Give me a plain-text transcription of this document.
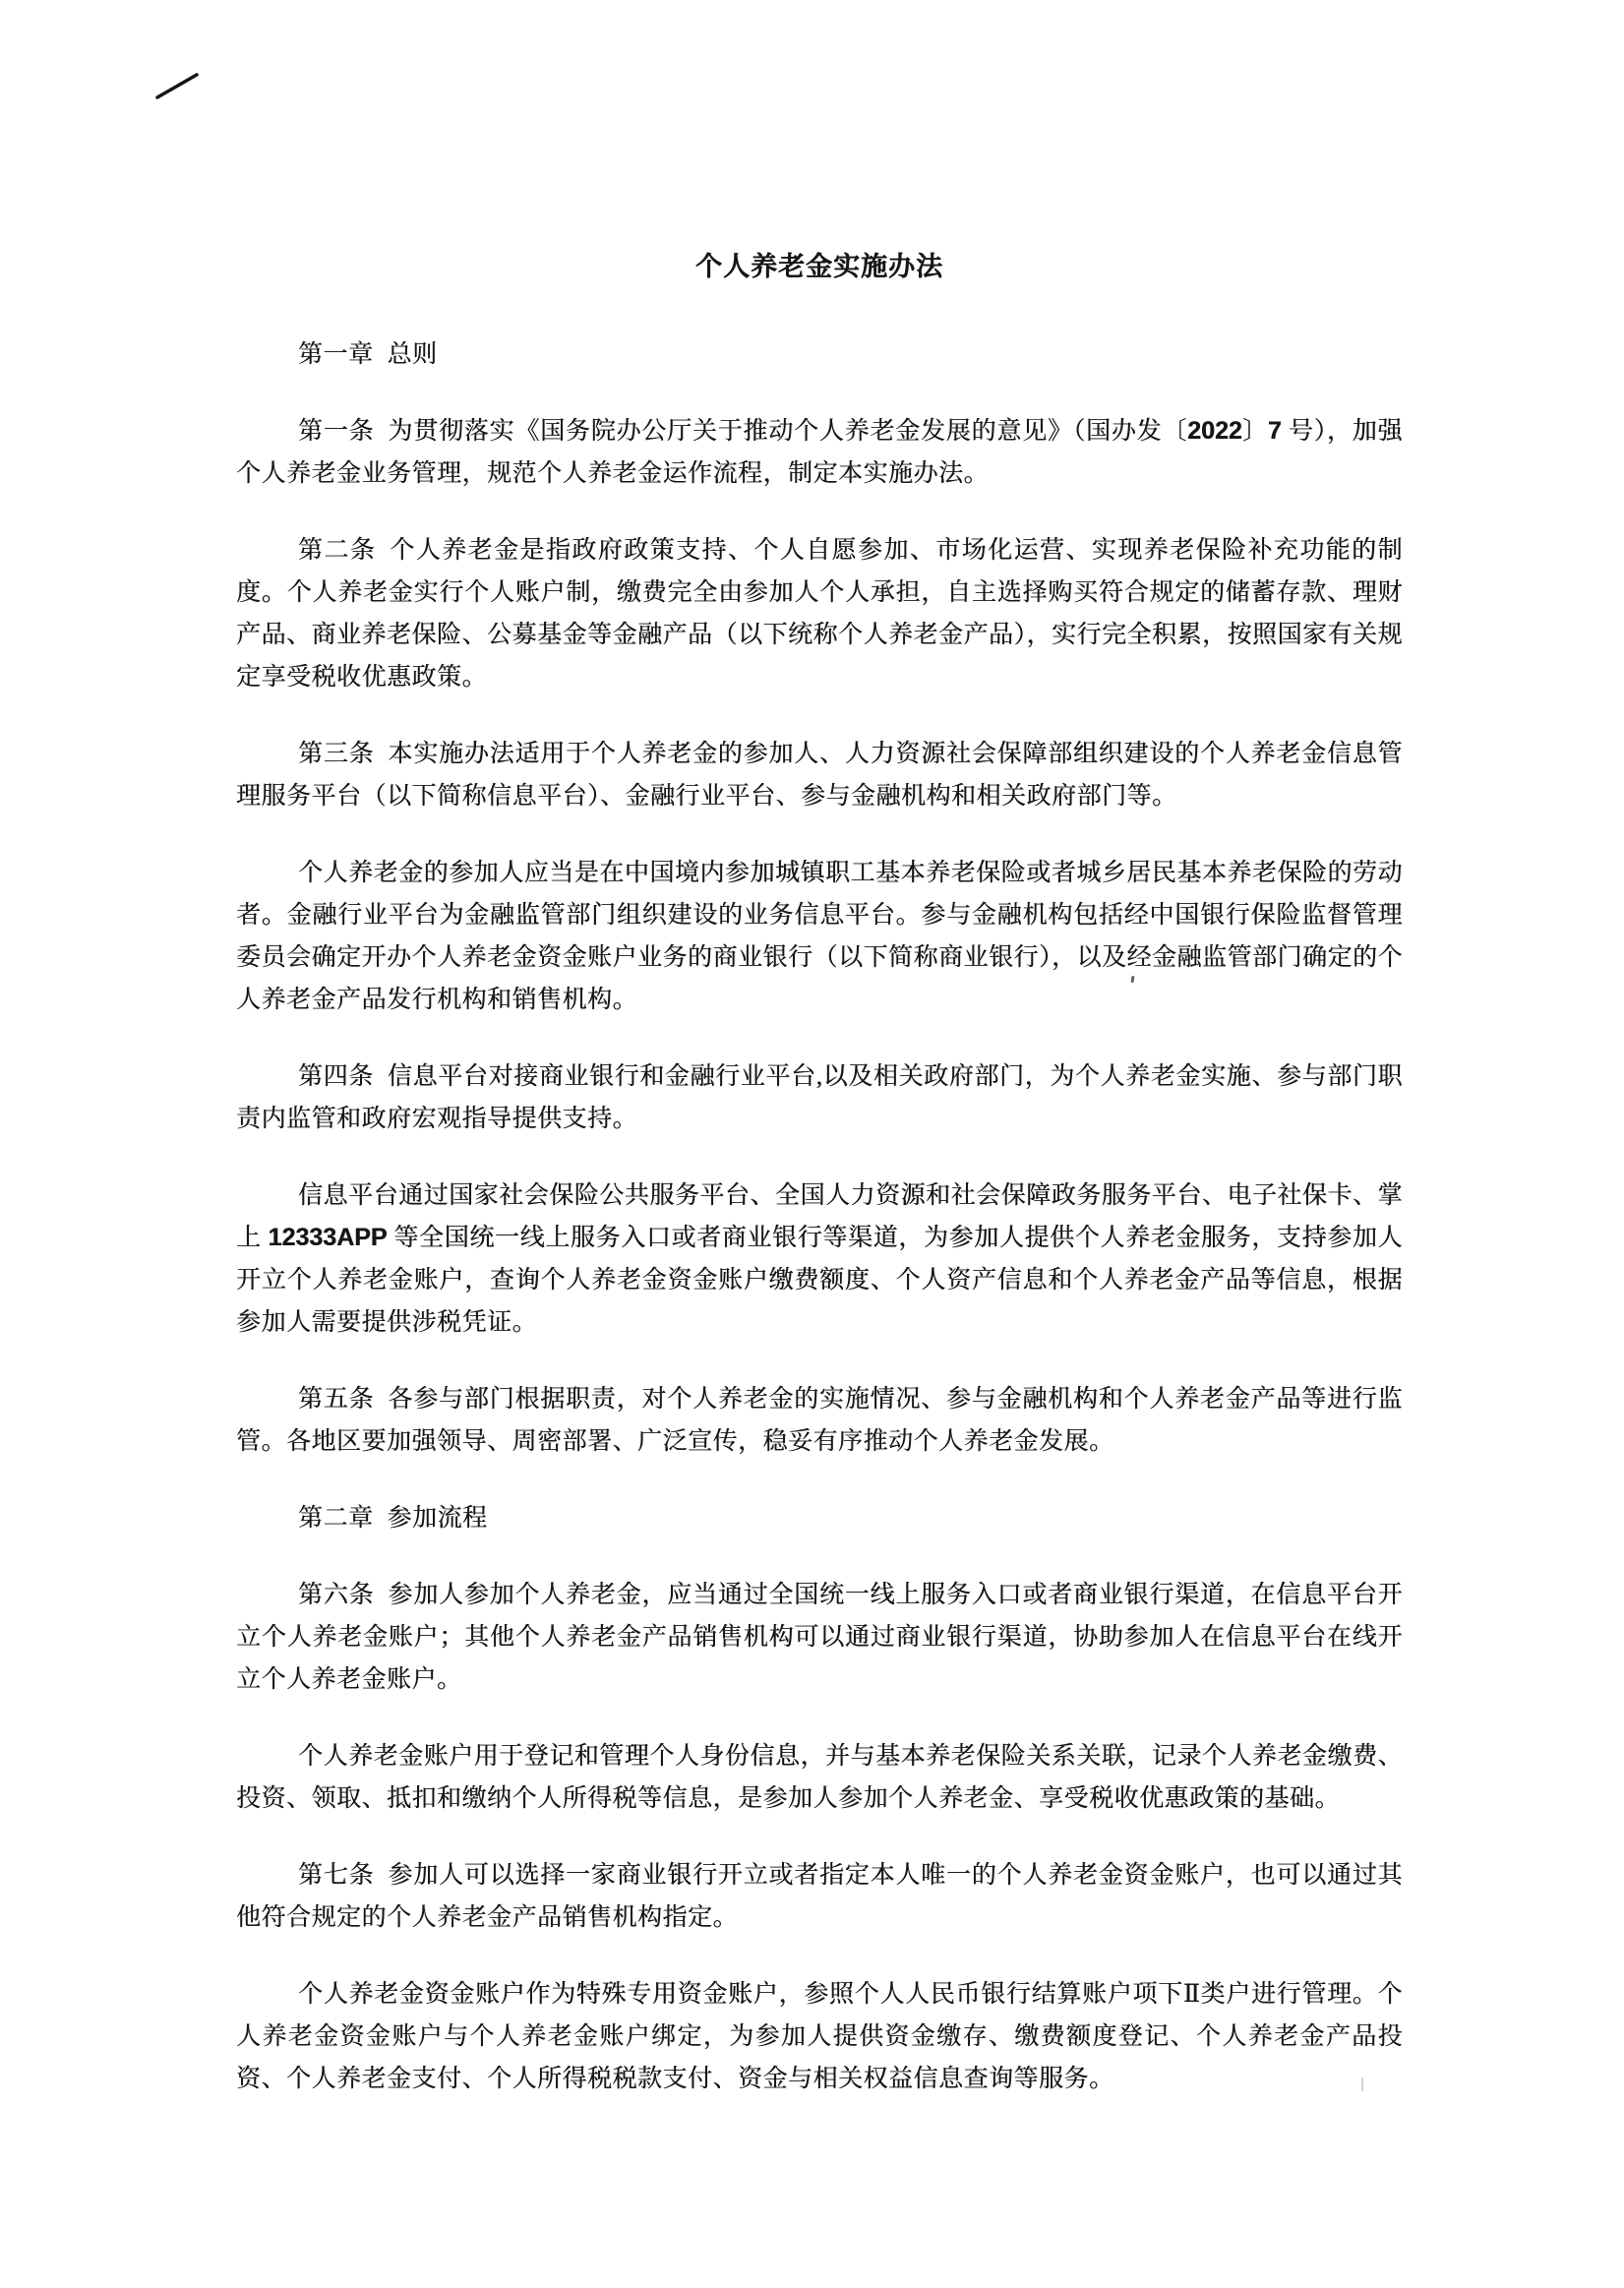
个人养老金实施办法

第一章 总则

第一条 为贯彻落实《国务院办公厅关于推动个人养老金发展的意见》（国办发〔2022〕7 号），加强个人养老金业务管理，规范个人养老金运作流程，制定本实施办法。

第二条 个人养老金是指政府政策支持、个人自愿参加、市场化运营、实现养老保险补充功能的制度。个人养老金实行个人账户制，缴费完全由参加人个人承担，自主选择购买符合规定的储蓄存款、理财产品、商业养老保险、公募基金等金融产品（以下统称个人养老金产品），实行完全积累，按照国家有关规定享受税收优惠政策。

第三条 本实施办法适用于个人养老金的参加人、人力资源社会保障部组织建设的个人养老金信息管理服务平台（以下简称信息平台）、金融行业平台、参与金融机构和相关政府部门等。

个人养老金的参加人应当是在中国境内参加城镇职工基本养老保险或者城乡居民基本养老保险的劳动者。金融行业平台为金融监管部门组织建设的业务信息平台。参与金融机构包括经中国银行保险监督管理委员会确定开办个人养老金资金账户业务的商业银行（以下简称商业银行），以及经金融监管部门确定的个人养老金产品发行机构和销售机构。

第四条 信息平台对接商业银行和金融行业平台,以及相关政府部门，为个人养老金实施、参与部门职责内监管和政府宏观指导提供支持。

信息平台通过国家社会保险公共服务平台、全国人力资源和社会保障政务服务平台、电子社保卡、掌上 12333APP 等全国统一线上服务入口或者商业银行等渠道，为参加人提供个人养老金服务，支持参加人开立个人养老金账户，查询个人养老金资金账户缴费额度、个人资产信息和个人养老金产品等信息，根据参加人需要提供涉税凭证。

第五条 各参与部门根据职责，对个人养老金的实施情况、参与金融机构和个人养老金产品等进行监管。各地区要加强领导、周密部署、广泛宣传，稳妥有序推动个人养老金发展。

第二章 参加流程

第六条 参加人参加个人养老金，应当通过全国统一线上服务入口或者商业银行渠道，在信息平台开立个人养老金账户；其他个人养老金产品销售机构可以通过商业银行渠道，协助参加人在信息平台在线开立个人养老金账户。

个人养老金账户用于登记和管理个人身份信息，并与基本养老保险关系关联，记录个人养老金缴费、投资、领取、抵扣和缴纳个人所得税等信息，是参加人参加个人养老金、享受税收优惠政策的基础。

第七条 参加人可以选择一家商业银行开立或者指定本人唯一的个人养老金资金账户，也可以通过其他符合规定的个人养老金产品销售机构指定。

个人养老金资金账户作为特殊专用资金账户，参照个人人民币银行结算账户项下Ⅱ类户进行管理。个人养老金资金账户与个人养老金账户绑定，为参加人提供资金缴存、缴费额度登记、个人养老金产品投资、个人养老金支付、个人所得税税款支付、资金与相关权益信息查询等服务。
